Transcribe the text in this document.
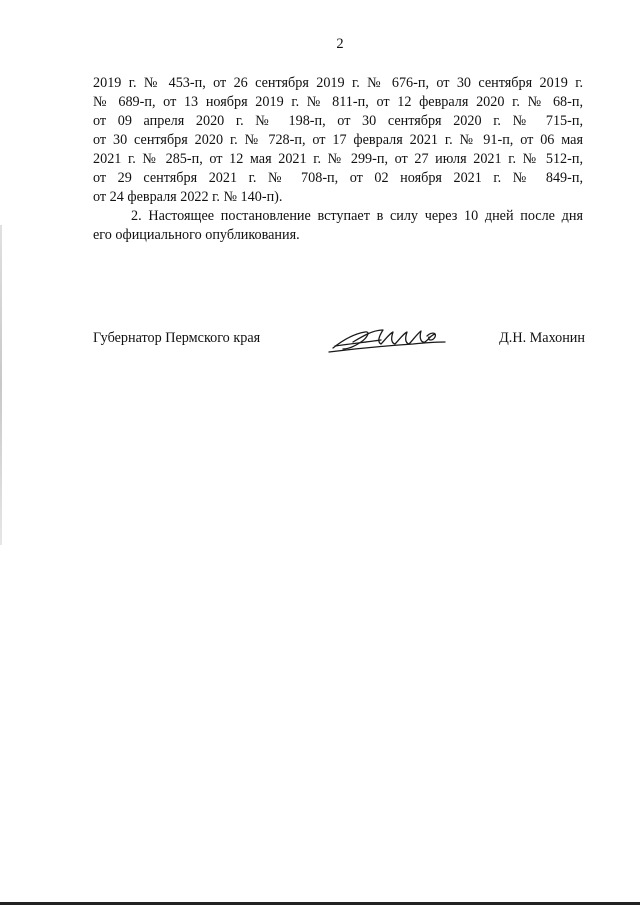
2

2019 г. № 453-п, от 26 сентября 2019 г. № 676-п, от 30 сентября 2019 г.
№ 689-п, от 13 ноября 2019 г. № 811-п, от 12 февраля 2020 г. № 68-п,
от 09 апреля 2020 г. № 198-п, от 30 сентября 2020 г. № 715-п,
от 30 сентября 2020 г. № 728-п, от 17 февраля 2021 г. № 91-п, от 06 мая
2021 г. № 285-п, от 12 мая 2021 г. № 299-п, от 27 июля 2021 г. № 512-п,
от 29 сентября 2021 г. № 708-п, от 02 ноября 2021 г. № 849-п,
от 24 февраля 2022 г. № 140-п).

2. Настоящее постановление вступает в силу через 10 дней после дня
его официального опубликования.

Губернатор Пермского края	Д.Н. Махонин
